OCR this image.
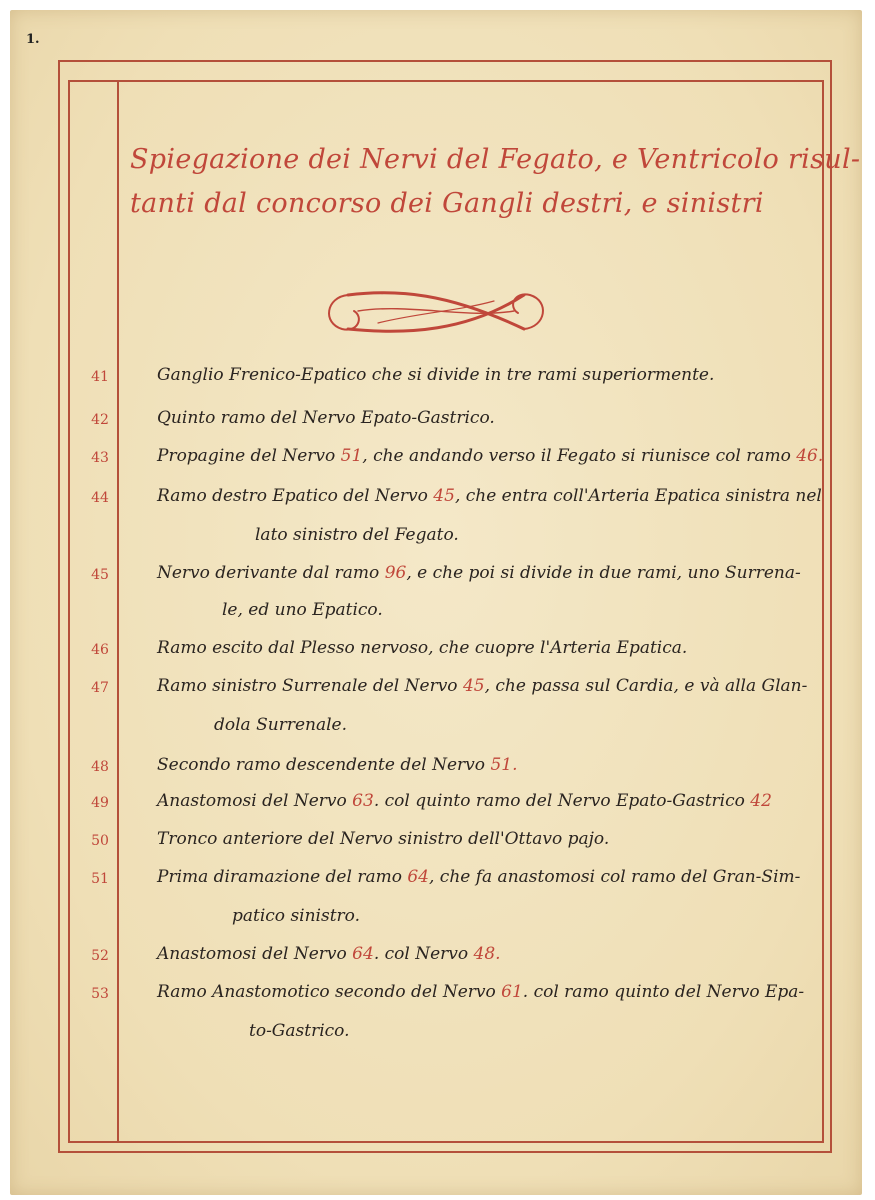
1.
Spiegazione dei Nervi del Fegato, e Ventricolo risul-
tanti dal concorso dei Gangli destri, e sinistri
41	Ganglio Frenico-Epatico che si divide in tre rami superiormente.
42	Quinto ramo del Nervo Epato-Gastrico.
43	Propagine del Nervo 51, che andando verso il Fegato si riunisce col ramo 46.
44	Ramo destro Epatico del Nervo 45, che entra coll'Arteria Epatica sinistra nel
lato sinistro del Fegato.
45	Nervo derivante dal ramo 96, e che poi si divide in due rami, uno Surrena-
le, ed uno Epatico.
46	Ramo escito dal Plesso nervoso, che cuopre l'Arteria Epatica.
47	Ramo sinistro Surrenale del Nervo 45, che passa sul Cardia, e và alla Glan-
dola Surrenale.
48	Secondo ramo descendente del Nervo 51.
49	Anastomosi del Nervo 63. col quinto ramo del Nervo Epato-Gastrico 42
50	Tronco anteriore del Nervo sinistro dell'Ottavo pajo.
51	Prima diramazione del ramo 64, che fa anastomosi col ramo del Gran-Sim-
patico sinistro.
52	Anastomosi del Nervo 64. col Nervo 48.
53	Ramo Anastomotico secondo del Nervo 61. col ramo quinto del Nervo Epa-
to-Gastrico.
